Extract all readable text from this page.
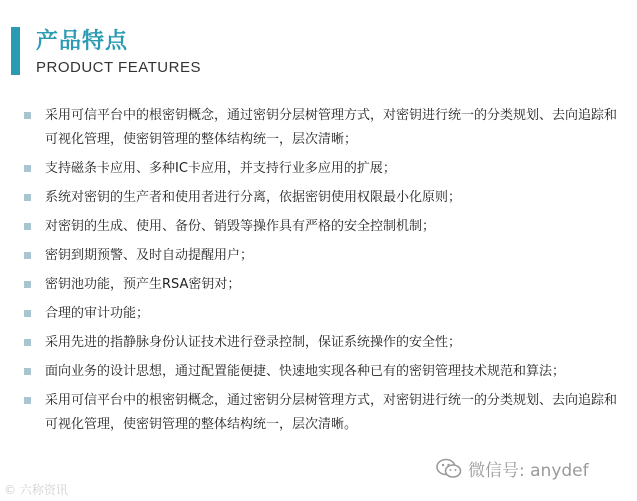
产品特点
PRODUCT FEATURES
采用可信平台中的根密钥概念，通过密钥分层树管理方式，对密钥进行统一的分类规划、去向追踪和可视化管理，使密钥管理的整体结构统一，层次清晰；
支持磁条卡应用、多种IC卡应用，并支持行业多应用的扩展；
系统对密钥的生产者和使用者进行分离，依据密钥使用权限最小化原则；
对密钥的生成、使用、备份、销毁等操作具有严格的安全控制机制；
密钥到期预警、及时自动提醒用户；
密钥池功能，预产生RSA密钥对；
合理的审计功能；
采用先进的指静脉身份认证技术进行登录控制，保证系统操作的安全性；
面向业务的设计思想，通过配置能便捷、快速地实现各种已有的密钥管理技术规范和算法；
采用可信平台中的根密钥概念，通过密钥分层树管理方式，对密钥进行统一的分类规划、去向追踪和可视化管理，使密钥管理的整体结构统一，层次清晰。
© 六称资讯
微信号: anydef
